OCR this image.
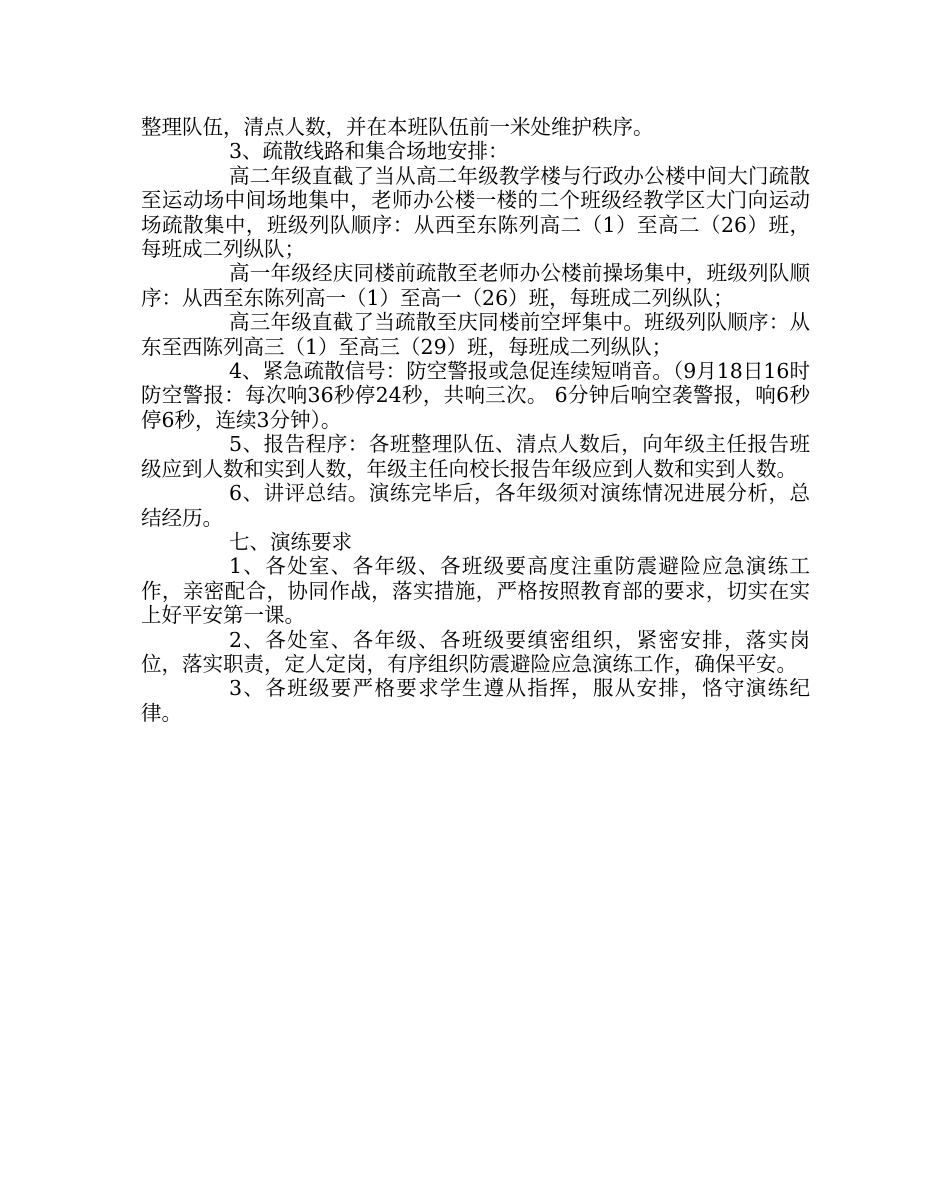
整理队伍，清点人数，并在本班队伍前一米处维护秩序。

3、疏散线路和集合场地安排：

高二年级直截了当从高二年级教学楼与行政办公楼中间大门疏散至运动场中间场地集中，老师办公楼一楼的二个班级经教学区大门向运动场疏散集中，班级列队顺序：从西至东陈列高二（1）至高二（26）班，每班成二列纵队；

高一年级经庆同楼前疏散至老师办公楼前操场集中，班级列队顺序：从西至东陈列高一（1）至高一（26）班，每班成二列纵队；

高三年级直截了当疏散至庆同楼前空坪集中。班级列队顺序：从东至西陈列高三（1）至高三（29）班，每班成二列纵队；

4、紧急疏散信号：防空警报或急促连续短哨音。（9月18日16时防空警报：每次响36秒停24秒，共响三次。 6分钟后响空袭警报，响6秒停6秒，连续3分钟）。

5、报告程序：各班整理队伍、清点人数后，向年级主任报告班级应到人数和实到人数，年级主任向校长报告年级应到人数和实到人数。

6、讲评总结。演练完毕后，各年级须对演练情况进展分析，总结经历。

七、演练要求

1、各处室、各年级、各班级要高度注重防震避险应急演练工作，亲密配合，协同作战，落实措施，严格按照教育部的要求，切实在实上好平安第一课。

2、各处室、各年级、各班级要缜密组织，紧密安排，落实岗位，落实职责，定人定岗，有序组织防震避险应急演练工作，确保平安。

3、各班级要严格要求学生遵从指挥，服从安排，恪守演练纪律。
